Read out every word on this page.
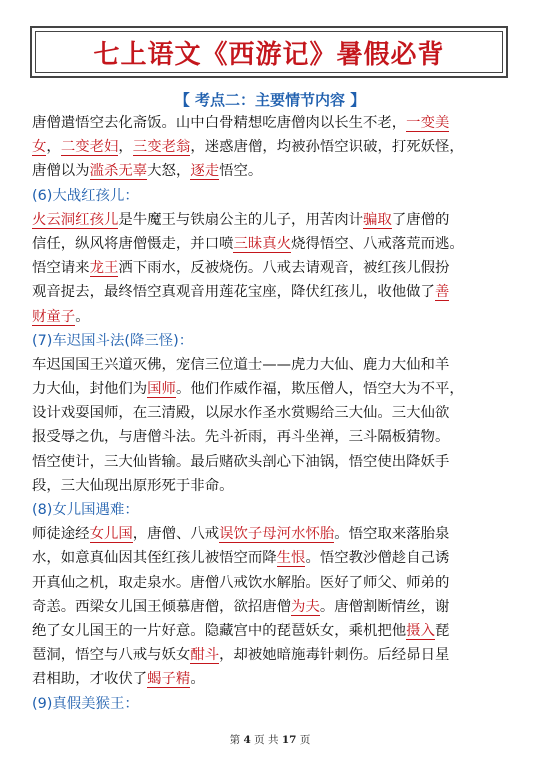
七上语文《西游记》暑假必背
【 考点二：主要情节内容 】
唐僧遣悟空去化斋饭。山中白骨精想吃唐僧肉以长生不老，一变美
女，二变老妇，三变老翁，迷惑唐僧，均被孙悟空识破，打死妖怪，
唐僧以为滥杀无辜大怒，逐走悟空。
(6)大战红孩儿：
火云洞红孩儿是牛魔王与铁扇公主的儿子，用苦肉计骗取了唐僧的
信任，纵风将唐僧慑走，并口喷三昧真火烧得悟空、八戒落荒而逃。
悟空请来龙王洒下雨水，反被烧伤。八戒去请观音，被红孩儿假扮
观音捉去，最终悟空真观音用莲花宝座，降伏红孩儿，收他做了善
财童子。
(7)车迟国斗法(降三怪)：
车迟国国王兴道灭佛，宠信三位道士——虎力大仙、鹿力大仙和羊
力大仙，封他们为国师。他们作威作福，欺压僧人，悟空大为不平，
设计戏耍国师，在三清殿，以尿水作圣水赏赐给三大仙。三大仙欲
报受辱之仇，与唐僧斗法。先斗祈雨，再斗坐禅，三斗隔板猜物。
悟空使计，三大仙皆输。最后赌砍头剖心下油锅，悟空使出降妖手
段，三大仙现出原形死于非命。
(8)女儿国遇难：
师徒途经女儿国，唐僧、八戒误饮子母河水怀胎。悟空取来落胎泉
水，如意真仙因其侄红孩儿被悟空而降生恨。悟空教沙僧趁自己诱
开真仙之机，取走泉水。唐僧八戒饮水解胎。医好了师父、师弟的
奇恙。西梁女儿国王倾慕唐僧，欲招唐僧为夫。唐僧割断情丝，谢
绝了女儿国王的一片好意。隐藏宫中的琵琶妖女，乘机把他摄入琵
琶洞，悟空与八戒与妖女酣斗，却被她暗施毒针刺伤。后经昴日星
君相助，才收伏了蝎子精。
(9)真假美猴王：
第 4 页 共 17 页
